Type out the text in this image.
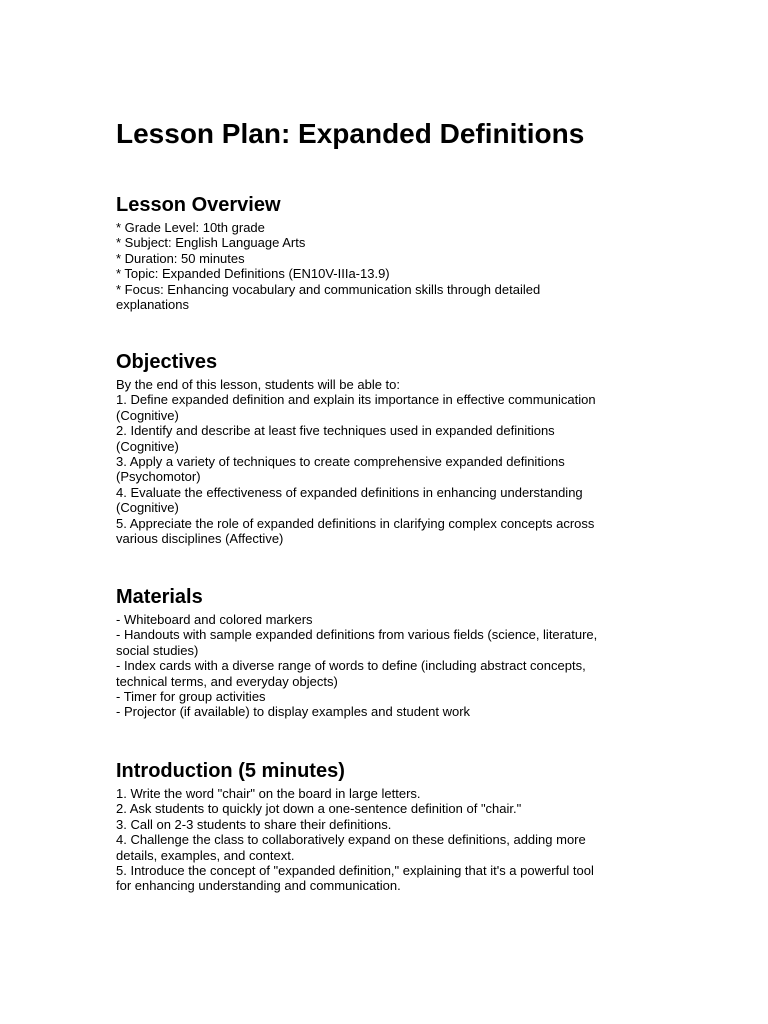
Lesson Plan: Expanded Definitions
Lesson Overview
* Grade Level: 10th grade
* Subject: English Language Arts
* Duration: 50 minutes
* Topic: Expanded Definitions (EN10V-IIIa-13.9)
* Focus: Enhancing vocabulary and communication skills through detailed
explanations
Objectives
By the end of this lesson, students will be able to:
1. Define expanded definition and explain its importance in effective communication
(Cognitive)
2. Identify and describe at least five techniques used in expanded definitions
(Cognitive)
3. Apply a variety of techniques to create comprehensive expanded definitions
(Psychomotor)
4. Evaluate the effectiveness of expanded definitions in enhancing understanding
(Cognitive)
5. Appreciate the role of expanded definitions in clarifying complex concepts across
various disciplines (Affective)
Materials
- Whiteboard and colored markers
- Handouts with sample expanded definitions from various fields (science, literature,
social studies)
- Index cards with a diverse range of words to define (including abstract concepts,
technical terms, and everyday objects)
- Timer for group activities
- Projector (if available) to display examples and student work
Introduction (5 minutes)
1. Write the word "chair" on the board in large letters.
2. Ask students to quickly jot down a one-sentence definition of "chair."
3. Call on 2-3 students to share their definitions.
4. Challenge the class to collaboratively expand on these definitions, adding more
details, examples, and context.
5. Introduce the concept of "expanded definition," explaining that it's a powerful tool
for enhancing understanding and communication.
